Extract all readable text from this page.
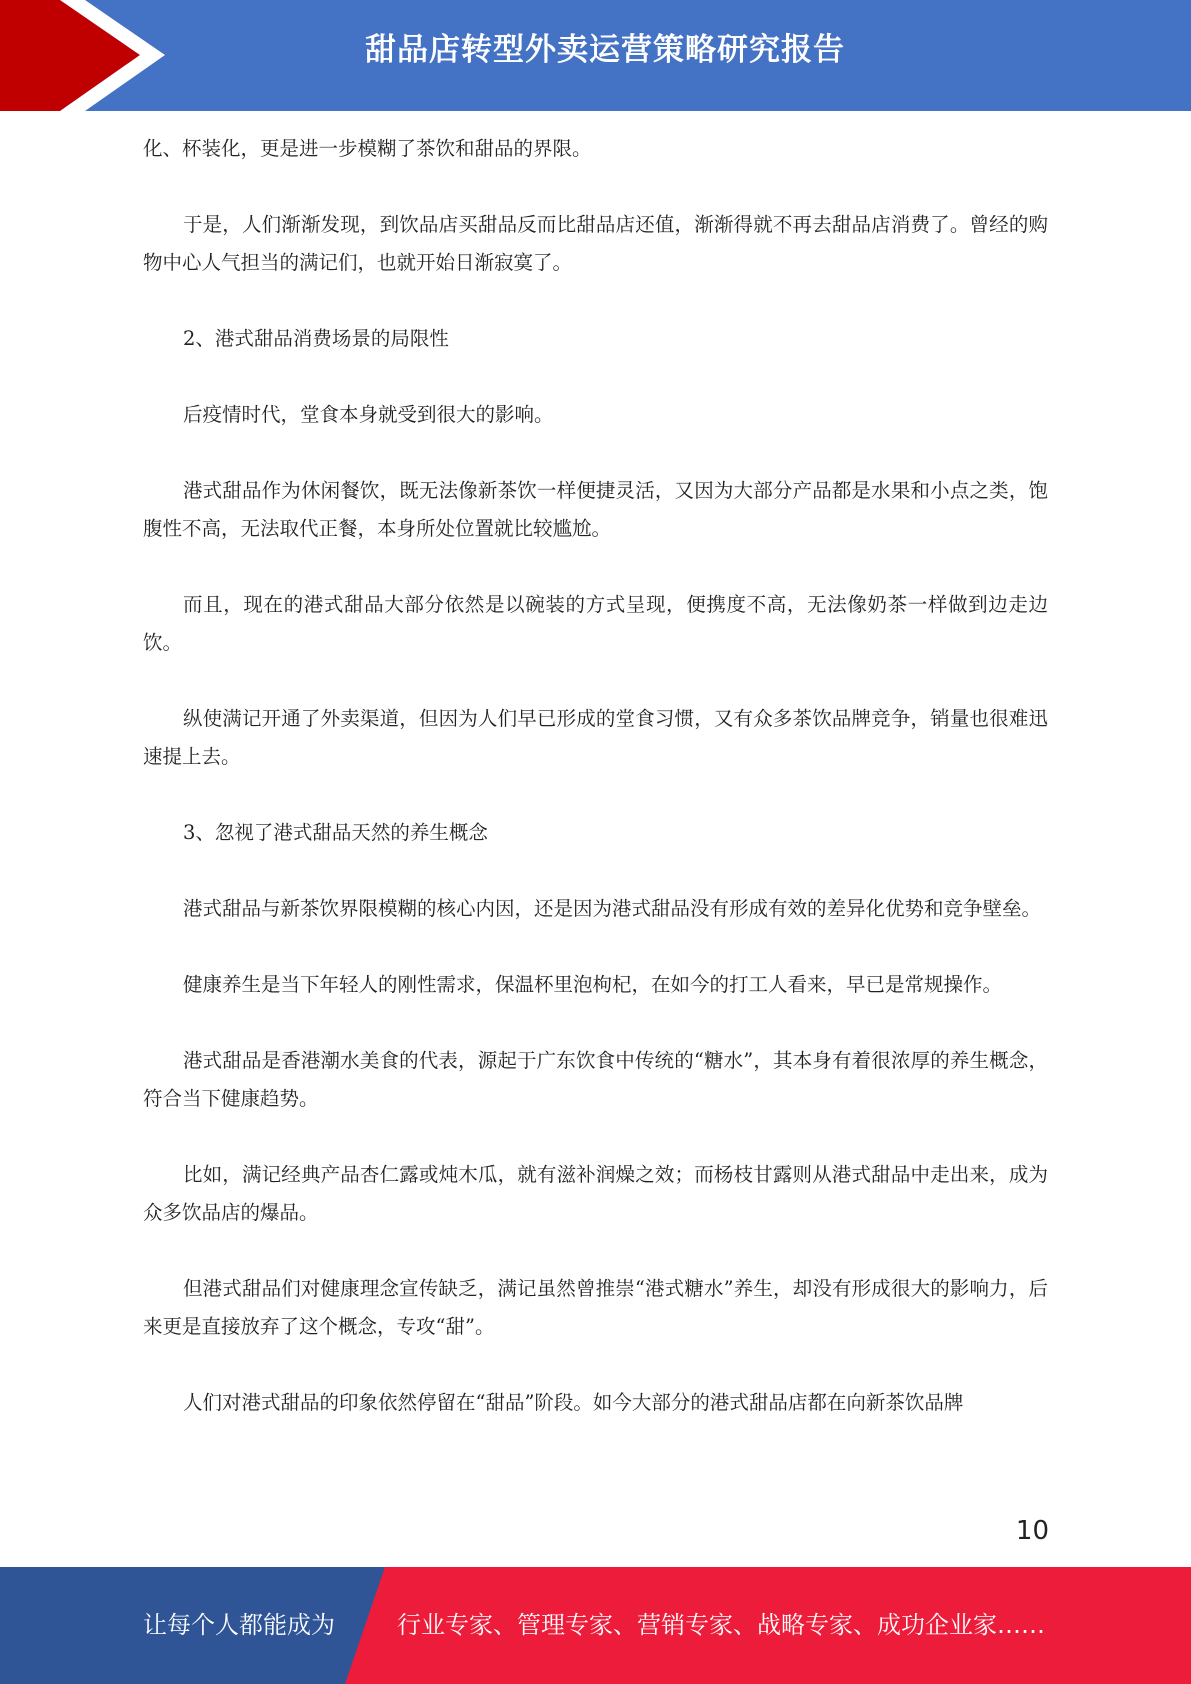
甜品店转型外卖运营策略研究报告

化、杯装化，更是进一步模糊了茶饮和甜品的界限。

于是，人们渐渐发现，到饮品店买甜品反而比甜品店还值，渐渐得就不再去甜品店消费了。曾经的购物中心人气担当的满记们，也就开始日渐寂寞了。

2、港式甜品消费场景的局限性

后疫情时代，堂食本身就受到很大的影响。

港式甜品作为休闲餐饮，既无法像新茶饮一样便捷灵活，又因为大部分产品都是水果和小点之类，饱腹性不高，无法取代正餐，本身所处位置就比较尴尬。

而且，现在的港式甜品大部分依然是以碗装的方式呈现，便携度不高，无法像奶茶一样做到边走边饮。

纵使满记开通了外卖渠道，但因为人们早已形成的堂食习惯，又有众多茶饮品牌竞争，销量也很难迅速提上去。

3、忽视了港式甜品天然的养生概念

港式甜品与新茶饮界限模糊的核心内因，还是因为港式甜品没有形成有效的差异化优势和竞争壁垒。

健康养生是当下年轻人的刚性需求，保温杯里泡枸杞，在如今的打工人看来，早已是常规操作。

港式甜品是香港潮水美食的代表，源起于广东饮食中传统的“糖水”，其本身有着很浓厚的养生概念，符合当下健康趋势。

比如，满记经典产品杏仁露或炖木瓜，就有滋补润燥之效；而杨枝甘露则从港式甜品中走出来，成为众多饮品店的爆品。

但港式甜品们对健康理念宣传缺乏，满记虽然曾推崇“港式糖水”养生，却没有形成很大的影响力，后来更是直接放弃了这个概念，专攻“甜”。

人们对港式甜品的印象依然停留在“甜品”阶段。如今大部分的港式甜品店都在向新茶饮品牌

10
让每个人都能成为	行业专家、管理专家、营销专家、战略专家、成功企业家……
